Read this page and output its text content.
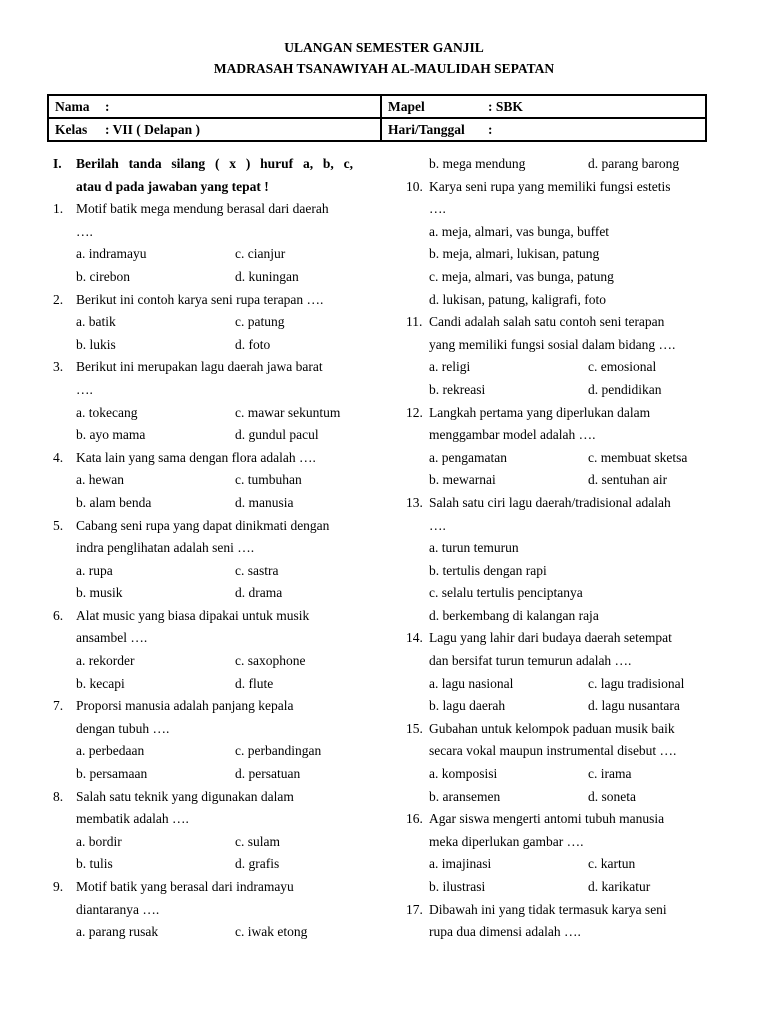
ULANGAN SEMESTER GANJIL
MADRASAH TSANAWIYAH AL-MAULIDAH SEPATAN
Nama :	Mapel : SBK
Kelas : VII ( Delapan )	Hari/Tanggal :
I. Berilah tanda silang ( x ) huruf a, b, c,
atau d pada jawaban yang tepat !
1. Motif batik mega mendung berasal dari daerah
….
a. indramayu	c. cianjur
b. cirebon	d. kuningan
2. Berikut ini contoh karya seni rupa terapan ….
a. batik	c. patung
b. lukis	d. foto
3. Berikut ini merupakan lagu daerah jawa barat
….
a. tokecang	c. mawar sekuntum
b. ayo mama	d. gundul pacul
4. Kata lain yang sama dengan flora adalah ….
a. hewan	c. tumbuhan
b. alam benda	d. manusia
5. Cabang seni rupa yang dapat dinikmati dengan
indra penglihatan adalah seni ….
a. rupa	c. sastra
b. musik	d. drama
6. Alat music yang biasa dipakai untuk musik
ansambel ….
a. rekorder	c. saxophone
b. kecapi	d. flute
7. Proporsi manusia adalah panjang kepala
dengan tubuh ….
a. perbedaan	c. perbandingan
b. persamaan	d. persatuan
8. Salah satu teknik yang digunakan dalam
membatik adalah ….
a. bordir	c. sulam
b. tulis	d. grafis
9. Motif batik yang berasal dari indramayu
diantaranya ….
a. parang rusak	c. iwak etong
b. mega mendung	d. parang barong
10. Karya seni rupa yang memiliki fungsi estetis
….
a. meja, almari, vas bunga, buffet
b. meja, almari, lukisan, patung
c. meja, almari, vas bunga, patung
d. lukisan, patung, kaligrafi, foto
11. Candi adalah salah satu contoh seni terapan
yang memiliki fungsi sosial dalam bidang ….
a. religi	c. emosional
b. rekreasi	d. pendidikan
12. Langkah pertama yang diperlukan dalam
menggambar model adalah ….
a. pengamatan	c. membuat sketsa
b. mewarnai	d. sentuhan air
13. Salah satu ciri lagu daerah/tradisional adalah
….
a. turun temurun
b. tertulis dengan rapi
c. selalu tertulis penciptanya
d. berkembang di kalangan raja
14. Lagu yang lahir dari budaya daerah setempat
dan bersifat turun temurun adalah ….
a. lagu nasional	c. lagu tradisional
b. lagu daerah	d. lagu nusantara
15. Gubahan untuk kelompok paduan musik baik
secara vokal maupun instrumental disebut ….
a. komposisi	c. irama
b. aransemen	d. soneta
16. Agar siswa mengerti antomi tubuh manusia
meka diperlukan gambar ….
a. imajinasi	c. kartun
b. ilustrasi	d. karikatur
17. Dibawah ini yang tidak termasuk karya seni
rupa dua dimensi adalah ….
